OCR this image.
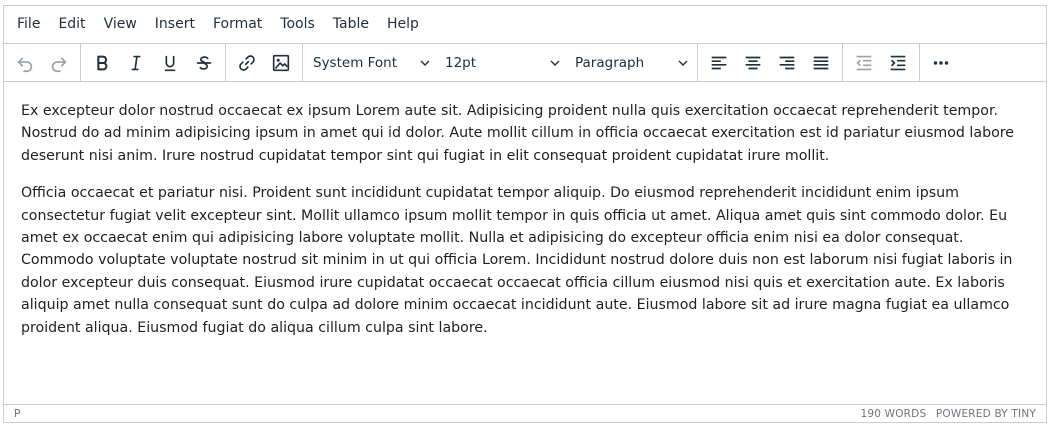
File	Edit	View	Insert	Format	Tools	Table	Help
System Font	12pt	Paragraph

Ex excepteur dolor nostrud occaecat ex ipsum Lorem aute sit. Adipisicing proident nulla quis exercitation occaecat reprehenderit tempor. Nostrud do ad minim adipisicing ipsum in amet qui id dolor. Aute mollit cillum in officia occaecat exercitation est id pariatur eiusmod labore deserunt nisi anim. Irure nostrud cupidatat tempor sint qui fugiat in elit consequat proident cupidatat irure mollit.

Officia occaecat et pariatur nisi. Proident sunt incididunt cupidatat tempor aliquip. Do eiusmod reprehenderit incididunt enim ipsum consectetur fugiat velit excepteur sint. Mollit ullamco ipsum mollit tempor in quis officia ut amet. Aliqua amet quis sint commodo dolor. Eu amet ex occaecat enim qui adipisicing labore voluptate mollit. Nulla et adipisicing do excepteur officia enim nisi ea dolor consequat. Commodo voluptate voluptate nostrud sit minim in ut qui officia Lorem. Incididunt nostrud dolore duis non est laborum nisi fugiat laboris in dolor excepteur duis consequat. Eiusmod irure cupidatat occaecat occaecat officia cillum eiusmod nisi quis et exercitation aute. Ex laboris aliquip amet nulla consequat sunt do culpa ad dolore minim occaecat incididunt aute. Eiusmod labore sit ad irure magna fugiat ea ullamco proident aliqua. Eiusmod fugiat do aliqua cillum culpa sint labore.

P	190 WORDS POWERED BY TINY
